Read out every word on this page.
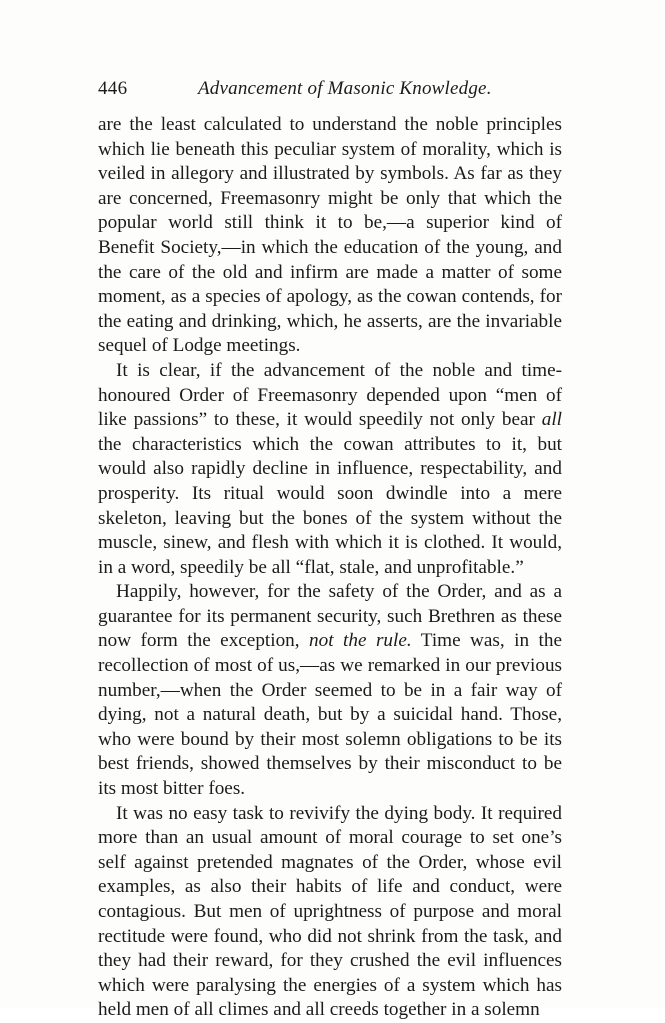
446	Advancement of Masonic Knowledge.

are the least calculated to understand the noble principles which lie beneath this peculiar system of morality, which is veiled in allegory and illustrated by symbols. As far as they are concerned, Freemasonry might be only that which the popular world still think it to be,—a superior kind of Benefit Society,—in which the education of the young, and the care of the old and infirm are made a matter of some moment, as a species of apology, as the cowan contends, for the eating and drinking, which, he asserts, are the invariable sequel of Lodge meetings.

It is clear, if the advancement of the noble and time-honoured Order of Freemasonry depended upon “men of like passions” to these, it would speedily not only bear all the characteristics which the cowan attributes to it, but would also rapidly decline in influence, respectability, and prosperity. Its ritual would soon dwindle into a mere skeleton, leaving but the bones of the system without the muscle, sinew, and flesh with which it is clothed. It would, in a word, speedily be all “flat, stale, and unprofitable.”

Happily, however, for the safety of the Order, and as a guarantee for its permanent security, such Brethren as these now form the exception, not the rule. Time was, in the recollection of most of us,—as we remarked in our previous number,—when the Order seemed to be in a fair way of dying, not a natural death, but by a suicidal hand. Those, who were bound by their most solemn obligations to be its best friends, showed themselves by their misconduct to be its most bitter foes.

It was no easy task to revivify the dying body. It required more than an usual amount of moral courage to set one’s self against pretended magnates of the Order, whose evil examples, as also their habits of life and conduct, were contagious. But men of uprightness of purpose and moral rectitude were found, who did not shrink from the task, and they had their reward, for they crushed the evil influences which were paralysing the energies of a system which has held men of all climes and all creeds together in a solemn
